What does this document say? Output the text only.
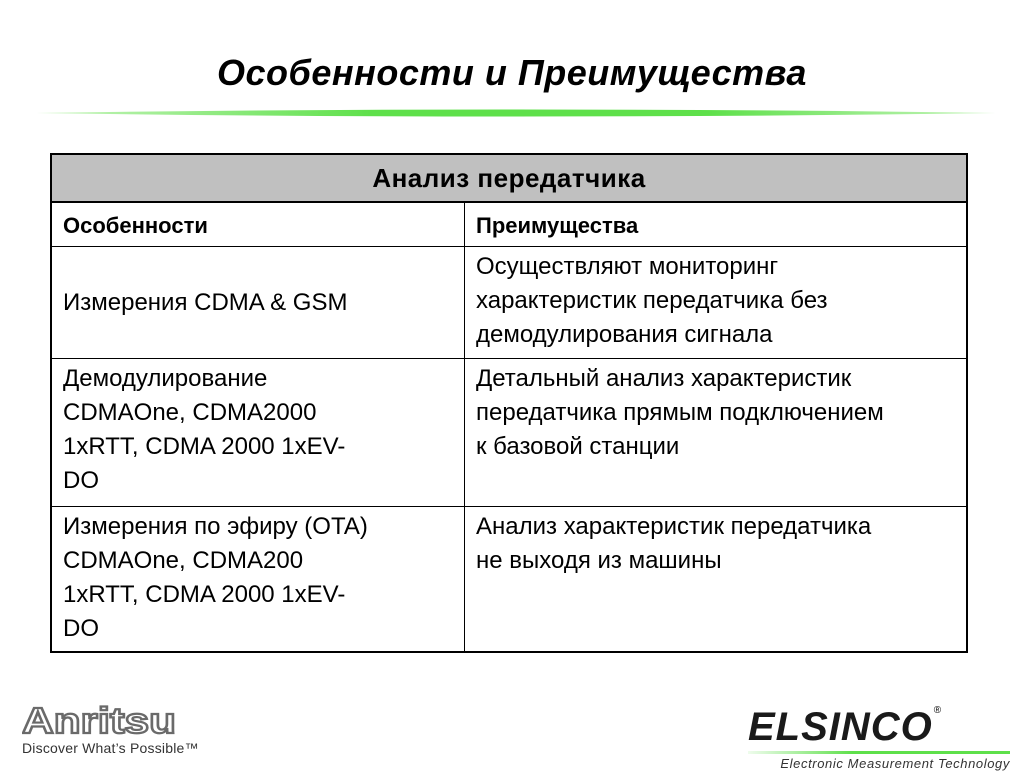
Особенности и Преимущества
Анализ передатчика
Особенности	Преимущества
Измерения CDMA & GSM
Осуществляют мониторинг
характеристик передатчика без
демодулирования сигнала
Демодулирование
CDMAOne, CDMA2000
1xRTT, CDMA 2000 1xEV-
DO
Детальный анализ характеристик
передатчика прямым подключением
к базовой станции
Измерения по эфиру (OTA)
CDMAOne, CDMA200
1xRTT, CDMA 2000 1xEV-
DO
Анализ характеристик передатчика
не выходя из машины
Anritsu
Discover What’s Possible™	ELSINCO®
Electronic Measurement Technology
